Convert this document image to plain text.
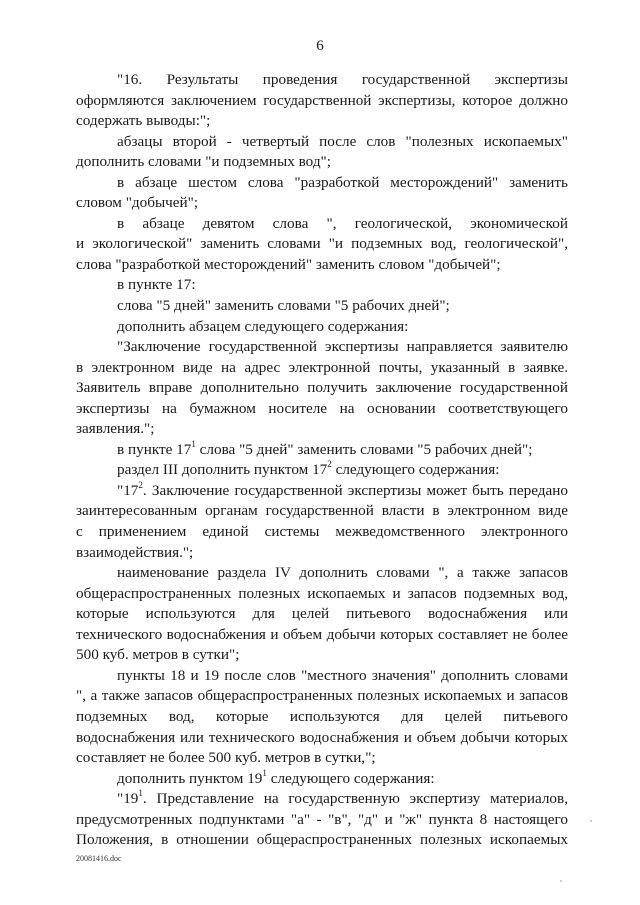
6

"16. Результаты проведения государственной экспертизы

оформляются заключением государственной экспертизы, которое должно

содержать выводы:";

абзацы второй - четвертый после слов "полезных ископаемых"

дополнить словами "и подземных вод";

в абзаце шестом слова "разработкой месторождений" заменить

словом "добычей";

в абзаце девятом слова ", геологической, экономической

и экологической" заменить словами "и подземных вод, геологической",

слова "разработкой месторождений" заменить словом "добычей";

в пункте 17:

слова "5 дней" заменить словами "5 рабочих дней";

дополнить абзацем следующего содержания:

"Заключение государственной экспертизы направляется заявителю

в электронном виде на адрес электронной почты, указанный в заявке.

Заявитель вправе дополнительно получить заключение государственной

экспертизы на бумажном носителе на основании соответствующего

заявления.";

в пункте $17^1$ слова "5 дней" заменить словами "5 рабочих дней";

раздел III дополнить пунктом $17^2$ следующего содержания:

"$17^2$. Заключение государственной экспертизы может быть передано

заинтересованным органам государственной власти в электронном виде

с применением единой системы межведомственного электронного

взаимодействия.";

наименование раздела IV дополнить словами ", а также запасов

общераспространенных полезных ископаемых и запасов подземных вод,

которые используются для целей питьевого водоснабжения или

технического водоснабжения и объем добычи которых составляет не более

500 куб. метров в сутки";

пункты 18 и 19 после слов "местного значения" дополнить словами

", а также запасов общераспространенных полезных ископаемых и запасов

подземных вод, которые используются для целей питьевого

водоснабжения или технического водоснабжения и объем добычи которых

составляет не более 500 куб. метров в сутки,";

дополнить пунктом $19^1$ следующего содержания:

"$19^1$. Представление на государственную экспертизу материалов,

предусмотренных подпунктами "а" - "в", "д" и "ж" пункта 8 настоящего

Положения, в отношении общераспространенных полезных ископаемых

20081416.doc
